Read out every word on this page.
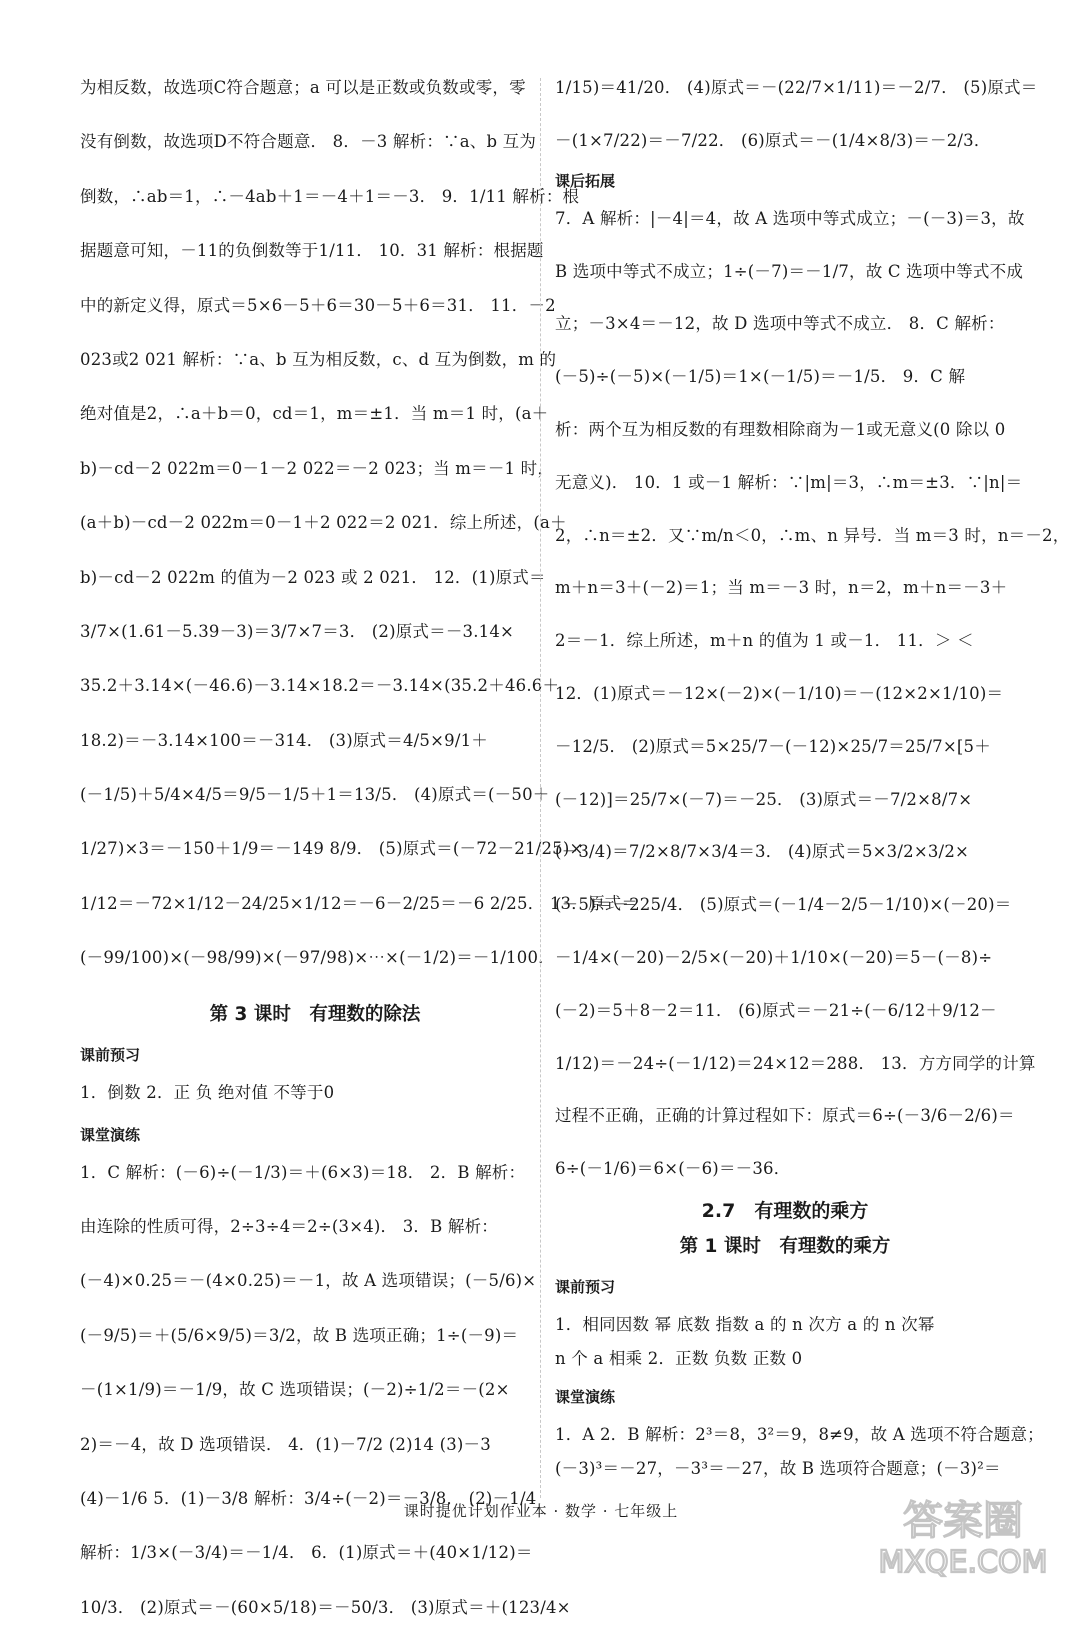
为相反数，故选项C符合题意；a 可以是正数或负数或零，零
没有倒数，故选项D不符合题意． 8．－3 解析：∵a、b 互为
倒数，∴ab＝1，∴－4ab＋1＝－4＋1＝－3． 9．1/11 解析：根
据题意可知，－11的负倒数等于1/11． 10．31 解析：根据题
中的新定义得，原式＝5×6－5＋6＝30－5＋6＝31． 11．－2
023或2 021 解析：∵a、b 互为相反数，c、d 互为倒数，m 的
绝对值是2，∴a＋b＝0，cd＝1，m＝±1．当 m＝1 时，(a＋
b)－cd－2 022m＝0－1－2 022＝－2 023；当 m＝－1 时，
(a＋b)－cd－2 022m＝0－1＋2 022＝2 021．综上所述，(a＋
b)－cd－2 022m 的值为－2 023 或 2 021． 12．(1)原式＝
3/7×(1.61－5.39－3)＝3/7×7＝3． (2)原式＝－3.14×
35.2＋3.14×(－46.6)－3.14×18.2＝－3.14×(35.2＋46.6＋
18.2)＝－3.14×100＝－314． (3)原式＝4/5×9/1＋
(－1/5)＋5/4×4/5＝9/5－1/5＋1＝13/5． (4)原式＝(－50＋
1/27)×3＝－150＋1/9＝－149 8/9． (5)原式＝(－72－21/25)×
1/12＝－72×1/12－24/25×1/12＝－6－2/25＝－6 2/25． 13．原式＝
(－99/100)×(－98/99)×(－97/98)×⋯×(－1/2)＝－1/100．
第 3 课时　有理数的除法
课前预习
1．倒数 2．正 负 绝对值 不等于0
课堂演练
1．C 解析：(－6)÷(－1/3)＝＋(6×3)＝18． 2．B 解析：
由连除的性质可得，2÷3÷4＝2÷(3×4)． 3．B 解析：
(－4)×0.25＝－(4×0.25)＝－1，故 A 选项错误；(－5/6)×
(－9/5)＝＋(5/6×9/5)＝3/2，故 B 选项正确；1÷(－9)＝
－(1×1/9)＝－1/9，故 C 选项错误；(－2)÷1/2＝－(2×
2)＝－4，故 D 选项错误． 4．(1)－7/2 (2)14 (3)－3
(4)－1/6 5．(1)－3/8 解析：3/4÷(－2)＝－3/8． (2)－1/4
解析：1/3×(－3/4)＝－1/4． 6．(1)原式＝＋(40×1/12)＝
10/3． (2)原式＝－(60×5/18)＝－50/3． (3)原式＝＋(123/4×
1/15)＝41/20． (4)原式＝－(22/7×1/11)＝－2/7． (5)原式＝
－(1×7/22)＝－7/22． (6)原式＝－(1/4×8/3)＝－2/3．
课后拓展
7．A 解析：|－4|＝4，故 A 选项中等式成立；－(－3)＝3，故
B 选项中等式不成立；1÷(－7)＝－1/7，故 C 选项中等式不成
立；－3×4＝－12，故 D 选项中等式不成立． 8．C 解析：
(－5)÷(－5)×(－1/5)＝1×(－1/5)＝－1/5． 9．C 解
析：两个互为相反数的有理数相除商为－1或无意义(0 除以 0
无意义)． 10．1 或－1 解析：∵|m|＝3，∴m＝±3．∵|n|＝
2，∴n＝±2．又∵m/n＜0，∴m、n 异号．当 m＝3 时，n＝－2，
m＋n＝3＋(－2)＝1；当 m＝－3 时，n＝2，m＋n＝－3＋
2＝－1．综上所述，m＋n 的值为 1 或－1． 11．＞ ＜
12．(1)原式＝－12×(－2)×(－1/10)＝－(12×2×1/10)＝
－12/5． (2)原式＝5×25/7－(－12)×25/7＝25/7×[5＋
(－12)]＝25/7×(－7)＝－25． (3)原式＝－7/2×8/7×
(－3/4)＝7/2×8/7×3/4＝3． (4)原式＝5×3/2×3/2×
(－5)＝－225/4． (5)原式＝(－1/4－2/5－1/10)×(－20)＝
－1/4×(－20)－2/5×(－20)＋1/10×(－20)＝5－(－8)÷
(－2)＝5＋8－2＝11． (6)原式＝－21÷(－6/12＋9/12－
1/12)＝－24÷(－1/12)＝24×12＝288． 13．方方同学的计算
过程不正确，正确的计算过程如下：原式＝6÷(－3/6－2/6)＝
6÷(－1/6)＝6×(－6)＝－36．
2.7　有理数的乘方
第 1 课时　有理数的乘方
课前预习
1．相同因数 幂 底数 指数 a 的 n 次方 a 的 n 次幂
n 个 a 相乘 2．正数 负数 正数 0
课堂演练
1．A 2．B 解析：2³＝8，3²＝9，8≠9，故 A 选项不符合题意；
(－3)³＝－27，－3³＝－27，故 B 选项符合题意；(－3)²＝
课时提优计划作业本 · 数学 · 七年级上	答案圈
MXQE.COM
